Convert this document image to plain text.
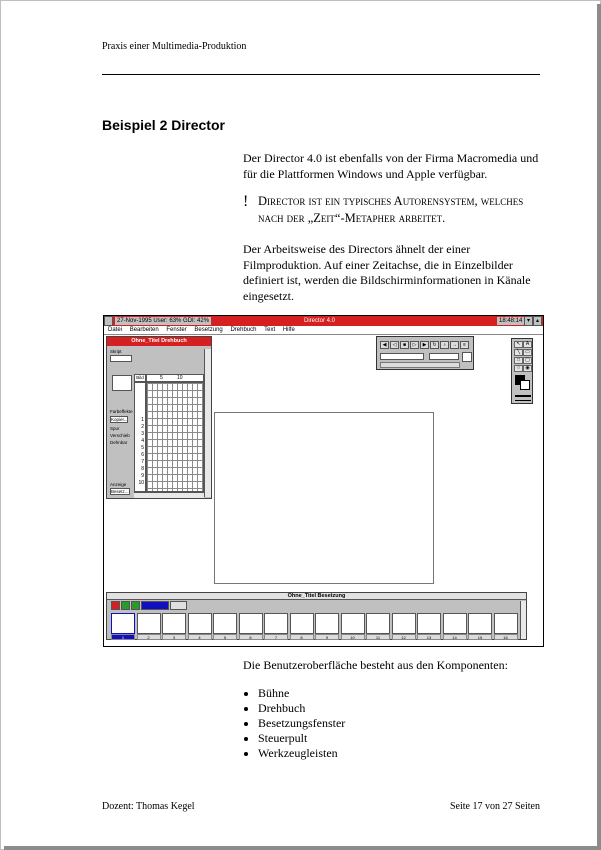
Praxis einer Multimedia-Produktion
Beispiel 2 Director
Der Director 4.0 ist ebenfalls von der Firma Macromedia und für die Plattformen Windows und Apple verfügbar.
! Director ist ein typisches Autorensystem, welches nach der „Zeit“-Metapher arbeitet.
Der Arbeitsweise des Directors ähnelt der einer Filmproduktion. Auf einer Zeitachse, die in Einzelbilder definiert ist, werden die Bildschirminformationen in Känale eingesetzt.
27-Nov-1995 User: 63% GDI: 42%	Director 4.0	18:48:14 ▾ ▴
Datei Bearbeiten Fenster Besetzung Drehbuch Text Hilfe
Ohne_Titel Drehbuch
Skript
Farbeffekte
Kopier...
Spur
Verschieb
Dehnbar
Anzeige
Besetz...
Bild	5	10
1
2
3
4
5
6
7
8
9
10
◀	◁	■	▷	▶	↻	♪	→	≡	↖	A
╲	▭
□	▢
○	◉
Ohne_Titel Besetzung
1	2	3	4	5	6	7	8	9	10	11	12	13	14	15	16
Die Benutzeroberfläche besteht aus den Komponenten:
Bühne
Drehbuch
Besetzungsfenster
Steuerpult
Werkzeugleisten
Dozent: Thomas Kegel	Seite 17 von 27 Seiten
